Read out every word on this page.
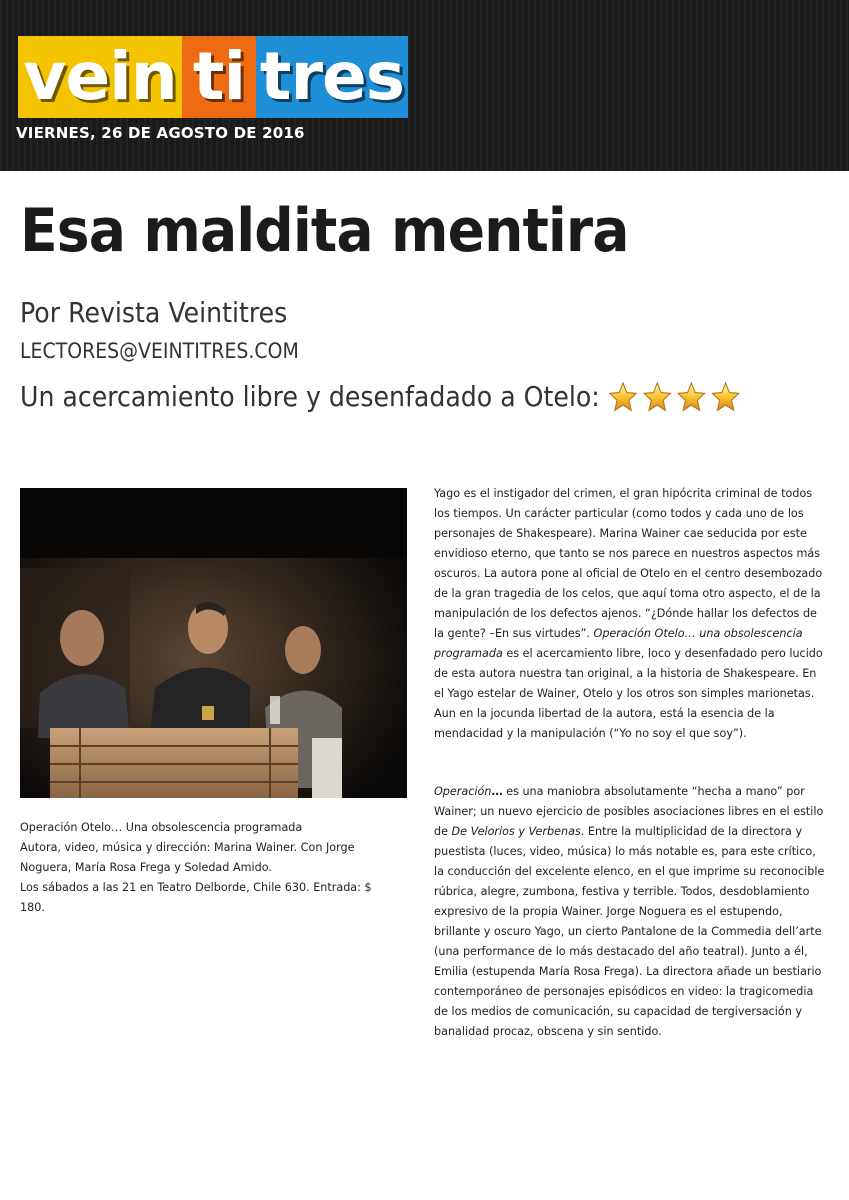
vein ti tres
VIERNES, 26 DE AGOSTO DE 2016
Esa maldita mentira
Por Revista Veintitres
LECTORES@VEINTITRES.COM
Un acercamiento libre y desenfadado a Otelo:

Operación Otelo… Una obsolescencia programada

Autora, video, música y dirección: Marina Wainer. Con Jorge Noguera, María Rosa Frega y Soledad Amido.

Los sábados a las 21 en Teatro Delborde, Chile 630. Entrada: $ 180.

Yago es el instigador del crimen, el gran hipócrita criminal de todos los tiempos. Un carácter particular (como todos y cada uno de los personajes de Shakespeare). Marina Wainer cae seducida por este envidioso eterno, que tanto se nos parece en nuestros aspectos más oscuros. La autora pone al oficial de Otelo en el centro desembozado de la gran tragedia de los celos, que aquí toma otro aspecto, el de la manipulación de los defectos ajenos. “¿Dónde hallar los defectos de la gente? –En sus virtudes”. Operación Otelo… una obsolescencia programada es el acercamiento libre, loco y desenfadado pero lucido de esta autora nuestra tan original, a la historia de Shakespeare. En el Yago estelar de Wainer, Otelo y los otros son simples marionetas. Aun en la jocunda libertad de la autora, está la esencia de la mendacidad y la manipulación (“Yo no soy el que soy”).

Operación… es una maniobra absolutamente “hecha a mano” por Wainer; un nuevo ejercicio de posibles asociaciones libres en el estilo de De Velorios y Verbenas. Entre la multiplicidad de la directora y puestista (luces, video, música) lo más notable es, para este crítico, la conducción del excelente elenco, en el que imprime su reconocible rúbrica, alegre, zumbona, festiva y terrible. Todos, desdoblamiento expresivo de la propia Wainer. Jorge Noguera es el estupendo, brillante y oscuro Yago, un cierto Pantalone de la Commedia dell’arte (una performance de lo más destacado del año teatral). Junto a él, Emilia (estupenda María Rosa Frega). La directora añade un bestiario contemporáneo de personajes episódicos en video: la tragicomedia de los medios de comunicación, su capacidad de tergiversación y banalidad procaz, obscena y sin sentido.
